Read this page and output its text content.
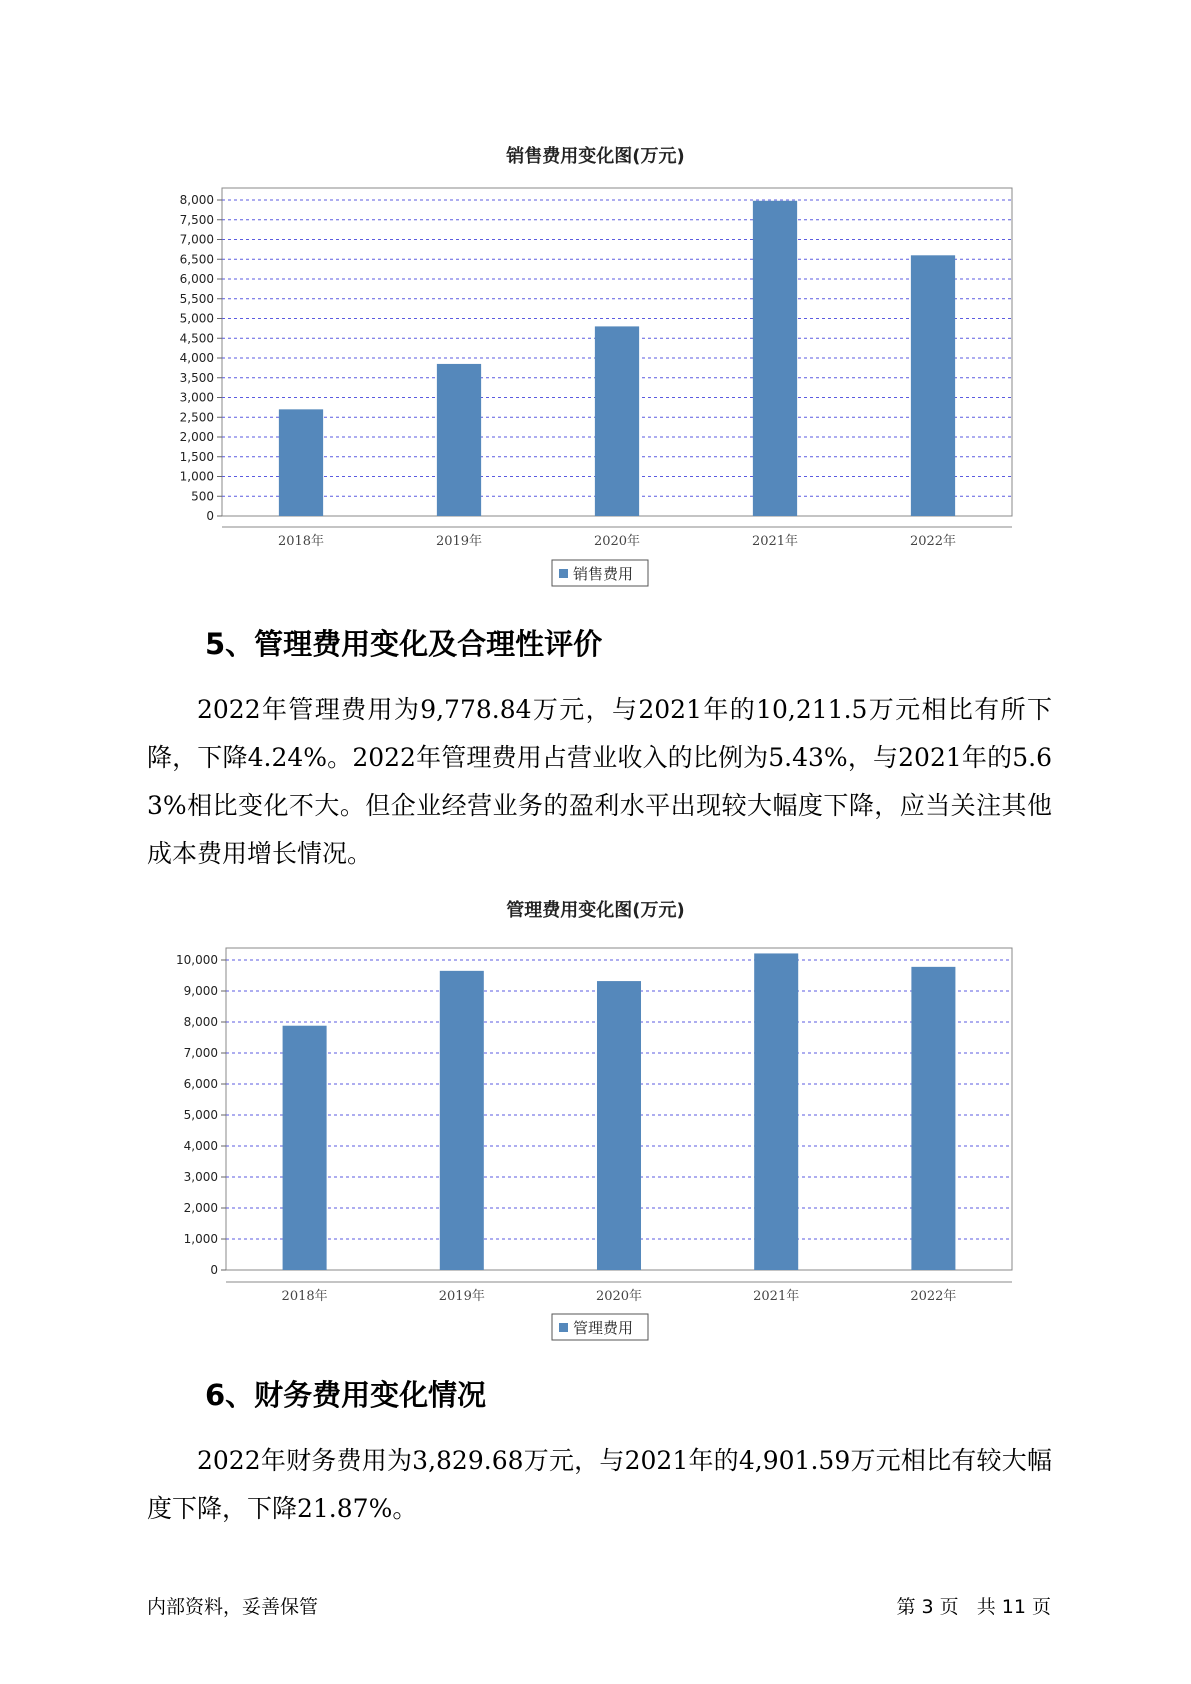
销售费用变化图(万元)
0
500
1,000
1,500
2,000
2,500
3,000
3,500
4,000
4,500
5,000
5,500
6,000
6,500
7,000
7,500
8,000
2018年	2019年	2020年	2021年	2022年
销售费用
5、管理费用变化及合理性评价

2022年管理费用为9,778.84万元，与2021年的10,211.5万元相比有所下降，下降4.24%。2022年管理费用占营业收入的比例为5.43%，与2021年的5.63%相比变化不大。但企业经营业务的盈利水平出现较大幅度下降，应当关注其他成本费用增长情况。

管理费用变化图(万元)
0
1,000
2,000
3,000
4,000
5,000
6,000
7,000
8,000
9,000
10,000
2018年	2019年	2020年	2021年	2022年
管理费用
6、财务费用变化情况

2022年财务费用为3,829.68万元，与2021年的4,901.59万元相比有较大幅度下降，下降21.87%。

内部资料，妥善保管	第 3 页   共 11 页
